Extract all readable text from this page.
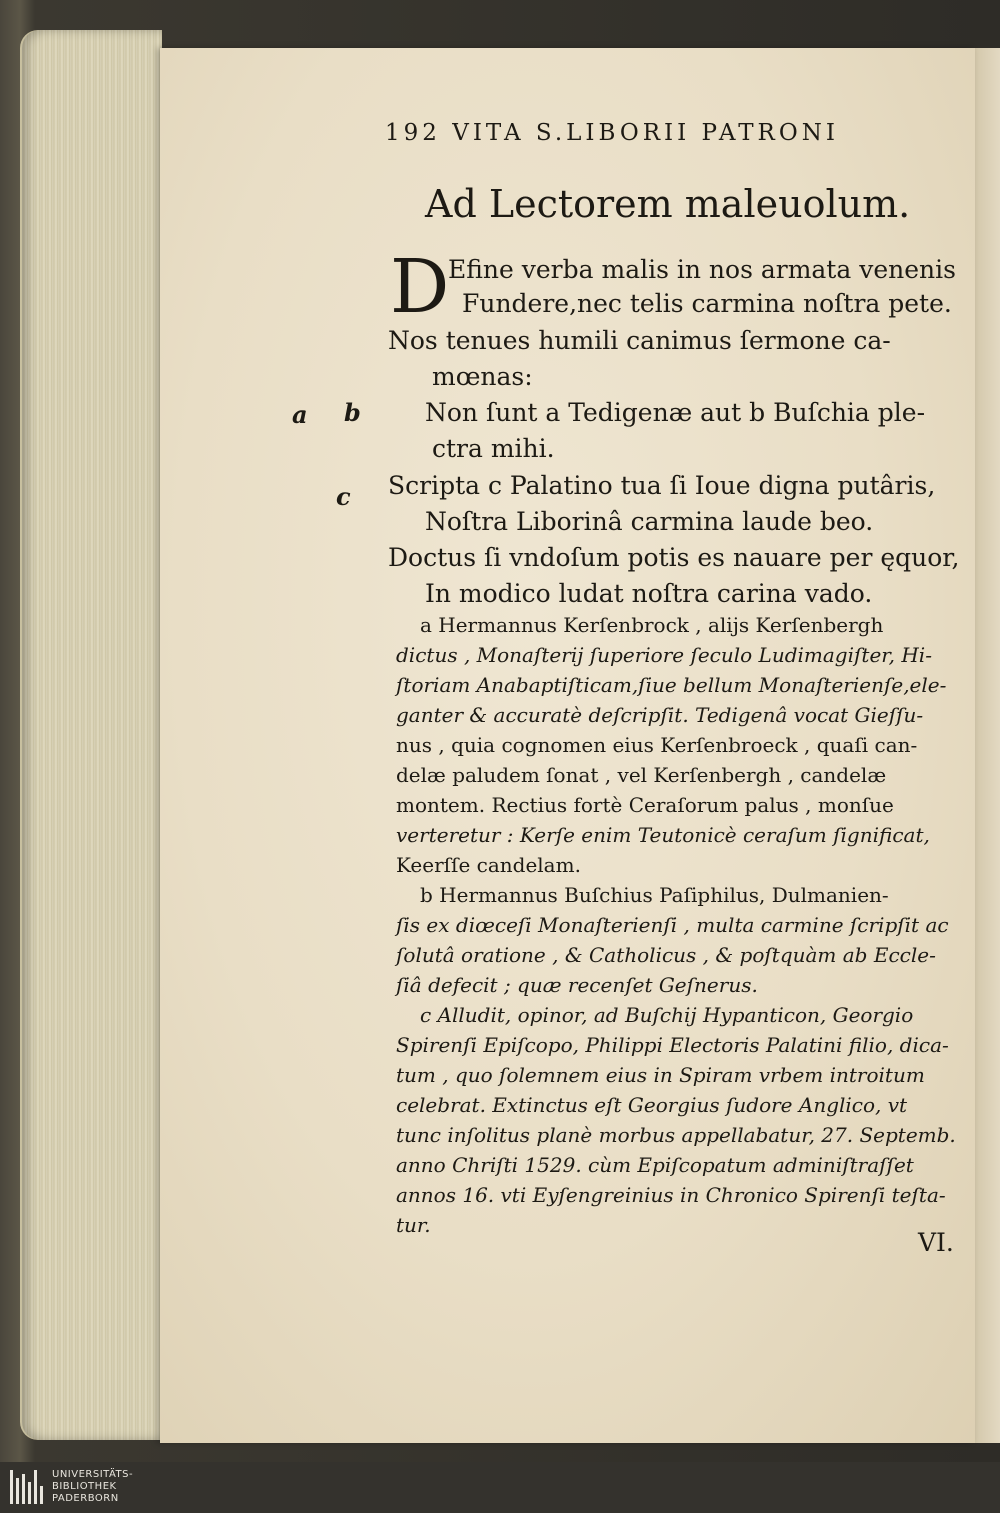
192 VITA S.LIBORII PATRONI
Ad Lectorem maleuolum.
D
Efine verba malis in nos armata venenis
Fundere,nec telis carmina noſtra pete.
Nos tenues humili canimus ſermone ca-
mœnas:
Non ſunt a Tedigenæ aut b Buſchia ple-
ctra mihi.
Scripta c Palatino tua ſi Ioue digna putâris,
Noſtra Liborinâ carmina laude beo.
Doctus ſi vndoſum potis es nauare per ęquor,
In modico ludat noſtra carina vado.
a b
c
a Hermannus Kerſenbrock , alijs Kerſenbergh
dictus , Monaſterij ſuperiore ſeculo Ludimagiſter, Hi-
ſtoriam Anabaptiſticam,ſiue bellum Monaſterienſe,ele-
ganter & accuratè deſcripſit. Tedigenâ vocat Gieſſu-
nus , quia cognomen eius Kerſenbroeck , quaſi can-
delæ paludem ſonat , vel Kerſenbergh , candelæ
montem. Rectius fortè Ceraſorum palus , monſue
verteretur : Kerſe enim Teutonicè ceraſum ſignificat,
Keerſſe candelam.
b Hermannus Buſchius Paſiphilus, Dulmanien-
ſis ex diœceſi Monaſterienſi , multa carmine ſcripſit ac
ſolutâ oratione , & Catholicus , & poſtquàm ab Eccle-
ſiâ defecit ; quæ recenſet Geſnerus.
c Alludit, opinor, ad Buſchij Hypanticon, Georgio
Spirenſi Epiſcopo, Philippi Electoris Palatini filio, dica-
tum , quo ſolemnem eius in Spiram vrbem introitum
celebrat. Extinctus eſt Georgius ſudore Anglico, vt
tunc inſolitus planè morbus appellabatur, 27. Septemb.
anno Chriſti 1529. cùm Epiſcopatum adminiſtraſſet
annos 16. vti Eyſengreinius in Chronico Spirenſi teſta-
tur.
VI.
UNIVERSITÄTS-
BIBLIOTHEK
PADERBORN
